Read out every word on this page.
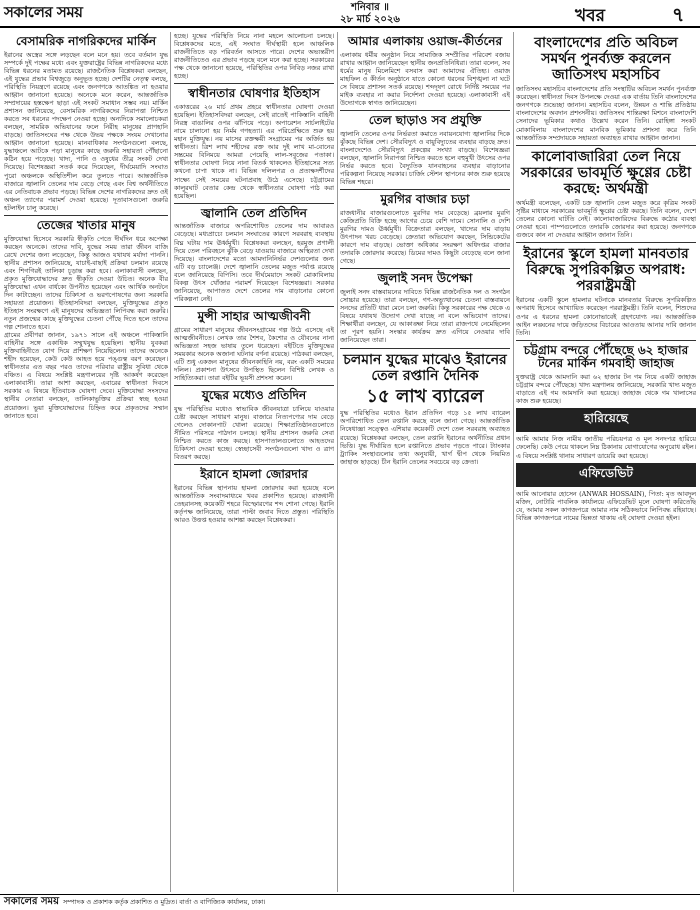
সকালের সময়	শনিবার ॥
২৮ মার্চ ২০২৬	খবর	৭
বেসামরিক নাগরিকদের মার্কিন

ইরানের অস্ত্রের সঙ্গে লড়ছেন বলে মনে হয়। তবে বর্তমান যুদ্ধ সম্পর্কে দুই পক্ষের মধ্যে এবং যুক্তরাষ্ট্রের বিভিন্ন নাগরিকদের মধ্যে বিভিন্ন ধরনের মতামত রয়েছে। রাজনৈতিক বিশ্লেষকরা বলছেন, এই যুদ্ধের প্রভাব বিশ্বজুড়ে অনুভূত হচ্ছে। দেশটির নেতৃত্ব বলছে, পরিস্থিতি নিয়ন্ত্রণে রয়েছে এবং জনগণকে আতঙ্কিত না হওয়ার আহ্বান জানানো হয়েছে। অনেকে মনে করেন, আন্তর্জাতিক সম্প্রদায়ের হস্তক্ষেপ ছাড়া এই সংকট সমাধান সম্ভব নয়। মার্কিন প্রশাসন জানিয়েছে, বেসামরিক নাগরিকদের নিরাপত্তা নিশ্চিত করতে সব ধরনের পদক্ষেপ নেওয়া হচ্ছে। অন্যদিকে সমালোচকরা বলছেন, সামরিক অভিযানের ফলে নিরীহ মানুষের প্রাণহানি বাড়ছে। জাতিসংঘের পক্ষ থেকে উভয় পক্ষকে সংযম দেখানোর আহ্বান জানানো হয়েছে। মানবাধিকার সংগঠনগুলো বলছে, যুদ্ধাঞ্চলে আটকে পড়া মানুষের কাছে জরুরি সহায়তা পৌঁছানো কঠিন হয়ে পড়েছে। খাদ্য, পানি ও ওষুধের তীব্র সংকট দেখা দিয়েছে। বিশেষজ্ঞরা সতর্ক করে দিয়েছেন, দীর্ঘমেয়াদি সংঘাত পুরো অঞ্চলকে অস্থিতিশীল করে তুলতে পারে। আন্তর্জাতিক বাজারে জ্বালানি তেলের দাম বেড়ে গেছে এবং বিশ্ব অর্থনীতিতে এর নেতিবাচক প্রভাব পড়ছে। বিভিন্ন দেশের নাগরিকদের দ্রুত ওই অঞ্চল ত্যাগের পরামর্শ দেওয়া হয়েছে। দূতাবাসগুলো জরুরি হটলাইন চালু করেছে।

তেজের খাতার মানুষ

মুক্তিযোদ্ধা হিসেবে সরকারি স্বীকৃতি পেতে দীর্ঘদিন ধরে অপেক্ষা করছেন অনেকে। তাদের দাবি, যুদ্ধের সময় তারা জীবন বাজি রেখে দেশের জন্য লড়েছেন, কিন্তু আজও যথাযথ মর্যাদা পাননি। স্থানীয় প্রশাসন জানিয়েছে, যাচাই-বাছাই প্রক্রিয়া চলমান রয়েছে এবং শিগগিরই তালিকা চূড়ান্ত করা হবে। এলাকাবাসী বলছেন, প্রকৃত মুক্তিযোদ্ধাদের দ্রুত স্বীকৃতি দেওয়া উচিত। অনেক বীর মুক্তিযোদ্ধা এখন বার্ধক্যে উপনীত হয়েছেন এবং আর্থিক অনটনে দিন কাটাচ্ছেন। তাদের চিকিৎসা ও ভরণপোষণের জন্য সরকারি সহায়তা প্রয়োজন। ইতিহাসবিদরা বলছেন, মুক্তিযুদ্ধের প্রকৃত ইতিহাস সংরক্ষণে এই মানুষদের অভিজ্ঞতা লিপিবদ্ধ করা জরুরি। নতুন প্রজন্মের কাছে মুক্তিযুদ্ধের চেতনা পৌঁছে দিতে হলে তাদের গল্প শোনাতে হবে।

গ্রামের প্রবীণরা জানান, ১৯৭১ সালে এই অঞ্চলে পাকিস্তানি বাহিনীর সঙ্গে একাধিক সম্মুখযুদ্ধ হয়েছিল। স্থানীয় যুবকরা মুক্তিবাহিনীতে যোগ দিয়ে প্রশিক্ষণ নিয়েছিলেন। তাদের অনেকে শহীদ হয়েছেন, কেউ কেউ আহত হয়ে পঙ্গুত্ব বরণ করেছেন। স্বাধীনতার এত বছর পরও তাদের পরিবার রাষ্ট্রীয় সুবিধা থেকে বঞ্চিত। এ বিষয়ে সংশ্লিষ্ট মন্ত্রণালয়ের দৃষ্টি আকর্ষণ করেছেন এলাকাবাসী। তারা আশা করছেন, এবারের স্বাধীনতা দিবসে সরকার এ বিষয়ে ইতিবাচক ঘোষণা দেবে। মুক্তিযোদ্ধা সংসদের স্থানীয় নেতারা বলছেন, তালিকাভুক্তির প্রক্রিয়া স্বচ্ছ হওয়া প্রয়োজন। ভুয়া মুক্তিযোদ্ধাদের চিহ্নিত করে প্রকৃতদের সম্মান জানাতে হবে।

হচ্ছে। যুদ্ধের পরিস্থিতি নিয়ে নানা মহলে আলোচনা চলছে। বিশ্লেষকদের মতে, এই সংঘাত দীর্ঘস্থায়ী হলে আঞ্চলিক রাজনীতিতে বড় পরিবর্তন আসতে পারে। দেশের অভ্যন্তরীণ রাজনীতিতেও এর প্রভাব পড়ছে বলে মনে করা হচ্ছে। সরকারের পক্ষ থেকে জানানো হয়েছে, পরিস্থিতির ওপর নিবিড় নজর রাখা হচ্ছে।

স্বাধীনতার ঘোষণার ইতিহাস

একাত্তরের ২৬ মার্চ প্রথম প্রহরে স্বাধীনতার ঘোষণা দেওয়া হয়েছিল। ইতিহাসবিদরা বলছেন, সেই রাতেই পাকিস্তানি বাহিনী নিরস্ত্র বাঙালির ওপর ঝাঁপিয়ে পড়ে। অপারেশন সার্চলাইটের নামে চালানো হয় নির্মম গণহত্যা। এর পরিপ্রেক্ষিতে শুরু হয় মহান মুক্তিযুদ্ধ। নয় মাসের রক্তক্ষয়ী সংগ্রামের পর অর্জিত হয় স্বাধীনতা। ত্রিশ লাখ শহীদের রক্ত আর দুই লাখ মা-বোনের সম্ভ্রমের বিনিময়ে আমরা পেয়েছি লাল-সবুজের পতাকা। স্বাধীনতার ঘোষণা নিয়ে নানা বিতর্ক থাকলেও ইতিহাসের সত্য কখনো চাপা থাকে না। বিভিন্ন দলিলপত্র ও প্রত্যক্ষদর্শীদের সাক্ষ্যে সেই সময়ের ঘটনাপ্রবাহ উঠে এসেছে। চট্টগ্রামের কালুরঘাট বেতার কেন্দ্র থেকে স্বাধীনতার ঘোষণা পাঠ করা হয়েছিল।

জ্বালানি তেল প্রতিদিন

আন্তর্জাতিক বাজারে অপরিশোধিত তেলের দাম আবারও বেড়েছে। মধ্যপ্রাচ্যে চলমান সংঘাতের কারণে সরবরাহ ব্যবস্থায় বিঘ্ন ঘটায় দাম ঊর্ধ্বমুখী। বিশ্লেষকরা বলছেন, হরমুজ প্রণালী দিয়ে তেল পরিবহনে ঝুঁকি বেড়ে যাওয়ায় বাজারে অস্থিরতা দেখা দিয়েছে। বাংলাদেশের মতো আমদানিনির্ভর দেশগুলোর জন্য এটি বড় চ্যালেঞ্জ। দেশে জ্বালানি তেলের মজুত পর্যাপ্ত রয়েছে বলে জানিয়েছে বিপিসি। তবে দীর্ঘমেয়াদে সংকট মোকাবিলায় বিকল্প উৎস খোঁজার পরামর্শ দিয়েছেন বিশেষজ্ঞরা। সরকার জানিয়েছে, আপাতত দেশে তেলের দাম বাড়ানোর কোনো পরিকল্পনা নেই।

মুন্সী সাহার আত্মজীবনী

গ্রামের সাধারণ মানুষের জীবনসংগ্রামের গল্প উঠে এসেছে এই আত্মজীবনীতে। লেখক তার শৈশব, কৈশোর ও যৌবনের নানা অভিজ্ঞতা সহজ ভাষায় তুলে ধরেছেন। বইটিতে মুক্তিযুদ্ধের সময়কার অনেক অজানা ঘটনার বর্ণনা রয়েছে। পাঠকরা বলছেন, এটি শুধু একজন মানুষের জীবনকাহিনি নয়, বরং একটি সময়ের দলিল। প্রকাশনা উৎসবে উপস্থিত ছিলেন বিশিষ্ট লেখক ও সাহিত্যিকরা। তারা বইটির ভূয়সী প্রশংসা করেন।

যুদ্ধের মধ্যেও প্রতিদিন

যুদ্ধ পরিস্থিতির মধ্যেও স্বাভাবিক জীবনযাত্রা চালিয়ে যাওয়ার চেষ্টা করছেন সাধারণ মানুষ। বাজারে নিত্যপণ্যের দাম বেড়ে গেলেও দোকানপাট খোলা রয়েছে। শিক্ষাপ্রতিষ্ঠানগুলোতে সীমিত পরিসরে পাঠদান চলছে। স্থানীয় প্রশাসন জরুরি সেবা নিশ্চিত করতে কাজ করছে। হাসপাতালগুলোতে আহতদের চিকিৎসা দেওয়া হচ্ছে। স্বেচ্ছাসেবী সংগঠনগুলো খাদ্য ও ত্রাণ বিতরণ করছে।

ইরানে হামলা জোরদার

ইরানের বিভিন্ন স্থাপনায় হামলা জোরদার করা হয়েছে বলে আন্তর্জাতিক সংবাদমাধ্যমে খবর প্রকাশিত হয়েছে। রাজধানী তেহরানসহ কয়েকটি শহরে বিস্ফোরণের শব্দ শোনা গেছে। ইরানি কর্তৃপক্ষ জানিয়েছে, তারা পাল্টা জবাব দিতে প্রস্তুত। পরিস্থিতি আরও উত্তপ্ত হওয়ার আশঙ্কা করছেন বিশ্লেষকরা।

আমার এলাকায় ওয়াজ-কীর্তনের

এলাকায় ধর্মীয় অনুষ্ঠান নিয়ে সামাজিক সম্প্রীতির পরিবেশ বজায় রাখার আহ্বান জানিয়েছেন স্থানীয় জনপ্রতিনিধিরা। তারা বলেন, সব ধর্মের মানুষ মিলেমিশে বসবাস করা আমাদের ঐতিহ্য। ওয়াজ মাহফিল ও কীর্তন অনুষ্ঠানে যাতে কোনো ধরনের বিশৃঙ্খলা না ঘটে সে বিষয়ে প্রশাসন সতর্ক রয়েছে। শব্দদূষণ রোধে নির্দিষ্ট সময়ের পর মাইক ব্যবহার না করার নির্দেশনা দেওয়া হয়েছে। এলাকাবাসী এই উদ্যোগকে স্বাগত জানিয়েছেন।

তেল ছাড়াও সব প্রযুক্তি

জ্বালানি তেলের ওপর নির্ভরতা কমাতে নবায়নযোগ্য জ্বালানির দিকে ঝুঁকছে বিভিন্ন দেশ। সৌরবিদ্যুৎ ও বায়ুবিদ্যুতের ব্যবহার বাড়ছে দ্রুত। বাংলাদেশেও সৌরবিদ্যুৎ প্রকল্পের সংখ্যা বাড়ছে। বিশেষজ্ঞরা বলছেন, জ্বালানি নিরাপত্তা নিশ্চিত করতে হলে বহুমুখী উৎসের ওপর নির্ভর করতে হবে। বৈদ্যুতিক যানবাহনের ব্যবহার বাড়ানোর পরিকল্পনা নিয়েছে সরকার। চার্জিং স্টেশন স্থাপনের কাজ শুরু হয়েছে বিভিন্ন শহরে।

মুরগির বাজার চড়া

রাজধানীর বাজারগুলোতে মুরগির দাম বেড়েছে। ব্রয়লার মুরগি কেজিপ্রতি বিক্রি হচ্ছে আগের চেয়ে বেশি দামে। সোনালি ও দেশি মুরগির দামও ঊর্ধ্বমুখী। বিক্রেতারা বলছেন, খাদ্যের দাম বাড়ায় উৎপাদন খরচ বেড়েছে। ক্রেতারা অভিযোগ করছেন, সিন্ডিকেটের কারণে দাম বাড়ছে। ভোক্তা অধিকার সংরক্ষণ অধিদপ্তর বাজার তদারকি জোরদার করেছে। ডিমের দামও কিছুটা বেড়েছে বলে জানা গেছে।

জুলাই সনদ উপেক্ষা

জুলাই সনদ বাস্তবায়নের দাবিতে বিভিন্ন রাজনৈতিক দল ও সংগঠন সোচ্চার হয়েছে। তারা বলছেন, গণ-অভ্যুত্থানের চেতনা বাস্তবায়নে সনদের প্রতিটি ধারা মেনে চলা জরুরি। কিন্তু সরকারের পক্ষ থেকে এ বিষয়ে যথাযথ উদ্যোগ দেখা যাচ্ছে না বলে অভিযোগ তাদের। শিক্ষার্থীরা বলছেন, যে আকাঙ্ক্ষা নিয়ে তারা রাজপথে নেমেছিলেন তা পূরণ হয়নি। সংস্কার কার্যক্রম দ্রুত এগিয়ে নেওয়ার দাবি জানিয়েছেন তারা।

চলমান যুদ্ধের মাঝেও ইরানের তেল রপ্তানি দৈনিক
১৫ লাখ ব্যারেল

যুদ্ধ পরিস্থিতির মধ্যেও ইরান প্রতিদিন গড়ে ১৫ লাখ ব্যারেল অপরিশোধিত তেল রপ্তানি করছে বলে জানা গেছে। আন্তর্জাতিক নিষেধাজ্ঞা সত্ত্বেও এশিয়ার কয়েকটি দেশে তেল সরবরাহ অব্যাহত রয়েছে। বিশ্লেষকরা বলছেন, তেল রপ্তানি ইরানের অর্থনীতির প্রধান ভিত্তি। যুদ্ধ দীর্ঘায়িত হলে রপ্তানিতে প্রভাব পড়তে পারে। ট্যাংকার ট্র্যাকিং সংস্থাগুলোর তথ্য অনুযায়ী, খার্গ দ্বীপ থেকে নিয়মিত জাহাজ ছাড়ছে। চীন ইরানি তেলের সবচেয়ে বড় ক্রেতা।

বাংলাদেশের প্রতি অবিচল সমর্থন পুনর্ব্যক্ত করলেন জাতিসংঘ মহাসচিব

জাতিসংঘ মহাসচিব বাংলাদেশের প্রতি সংস্থাটির অবিচল সমর্থন পুনর্ব্যক্ত করেছেন। স্বাধীনতা দিবস উপলক্ষে দেওয়া এক বার্তায় তিনি বাংলাদেশের জনগণকে শুভেচ্ছা জানান। মহাসচিব বলেন, উন্নয়ন ও শান্তি প্রতিষ্ঠায় বাংলাদেশের অবদান প্রশংসনীয়। জাতিসংঘ শান্তিরক্ষা মিশনে বাংলাদেশি সেনাদের ভূমিকার কথাও উল্লেখ করেন তিনি। রোহিঙ্গা সংকট মোকাবিলায় বাংলাদেশের মানবিক ভূমিকার প্রশংসা করে তিনি আন্তর্জাতিক সম্প্রদায়কে সহায়তা অব্যাহত রাখার আহ্বান জানান।

কালোবাজারিরা তেল নিয়ে সরকারের ভাবমূর্তি ক্ষুণ্ণের চেষ্টা করছে: অর্থমন্ত্রী

অর্থমন্ত্রী বলেছেন, একটি চক্র জ্বালানি তেল মজুত করে কৃত্রিম সংকট সৃষ্টির মাধ্যমে সরকারের ভাবমূর্তি ক্ষুণ্ণের চেষ্টা করছে। তিনি বলেন, দেশে তেলের কোনো ঘাটতি নেই। কালোবাজারিদের বিরুদ্ধে কঠোর ব্যবস্থা নেওয়া হবে। পাম্পগুলোতে তদারকি জোরদার করা হয়েছে। জনগণকে গুজবে কান না দেওয়ার আহ্বান জানান তিনি।

ইরানের স্কুলে হামলা মানবতার বিরুদ্ধে সুপরিকল্পিত অপরাধ: পররাষ্ট্রমন্ত্রী

ইরানের একটি স্কুলে হামলার ঘটনাকে মানবতার বিরুদ্ধে সুপরিকল্পিত অপরাধ হিসেবে আখ্যায়িত করেছেন পররাষ্ট্রমন্ত্রী। তিনি বলেন, শিশুদের ওপর এ ধরনের হামলা কোনোভাবেই গ্রহণযোগ্য নয়। আন্তর্জাতিক আইন লঙ্ঘনের দায়ে জড়িতদের বিচারের আওতায় আনার দাবি জানান তিনি।

চট্টগ্রাম বন্দরে পৌঁছেছে ৬২ হাজার টনের মার্কিন গমবাহী জাহাজ

যুক্তরাষ্ট্র থেকে আমদানি করা ৬২ হাজার টন গম নিয়ে একটি জাহাজ চট্টগ্রাম বন্দরে পৌঁছেছে। খাদ্য মন্ত্রণালয় জানিয়েছে, সরকারি খাদ্য মজুত বাড়াতে এই গম আমদানি করা হয়েছে। জাহাজ থেকে গম খালাসের কাজ শুরু হয়েছে।

হারিয়েছে

আমি আমার নিজ নামীয় জাতীয় পরিচয়পত্র ও মূল সনদপত্র হারিয়ে ফেলেছি। কেউ পেয়ে থাকলে নিম্ন ঠিকানায় যোগাযোগের অনুরোধ রইল। এ বিষয়ে সংশ্লিষ্ট থানায় সাধারণ ডায়েরি করা হয়েছে।

এফিডেভিট

আমি আনোয়ার হোসেন (ANWAR HOSSAIN), পিতা: মৃত আবদুল মজিদ, নোটারি পাবলিক কার্যালয়ে এফিডেভিট মূলে ঘোষণা করিতেছি যে, আমার সকল কাগজপত্রে আমার নাম সঠিকভাবে লিপিবদ্ধ রহিয়াছে। বিভিন্ন কাগজপত্রে নামের ভিন্নতা থাকায় এই ঘোষণা দেওয়া হইল।

সকালের সময় সম্পাদক ও প্রকাশক কর্তৃক প্রকাশিত ও মুদ্রিত। বার্তা ও বাণিজ্যিক কার্যালয়, ঢাকা।
